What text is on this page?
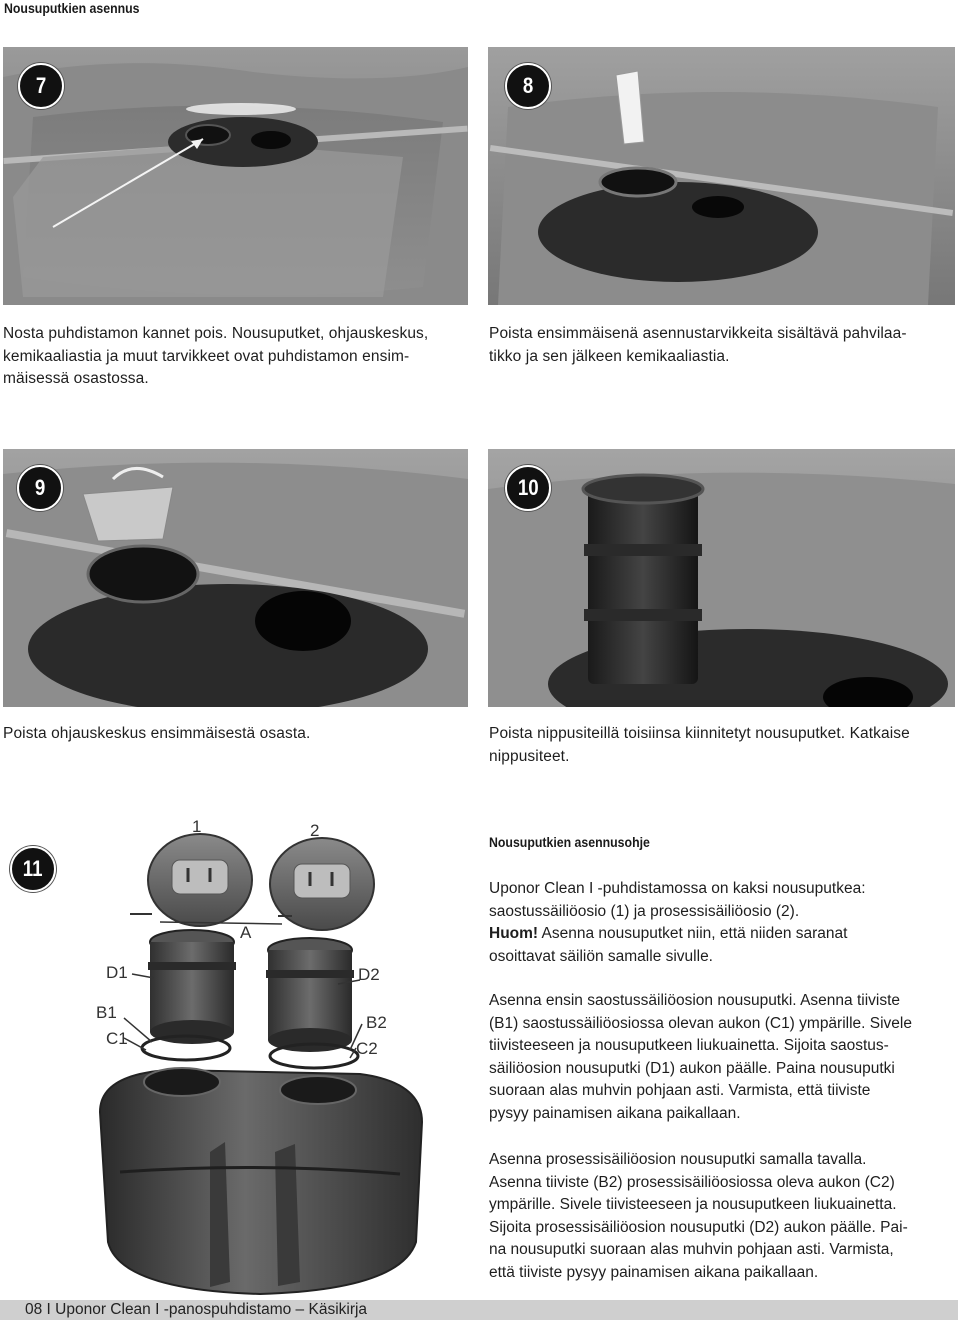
Nousuputkien asennus
7	8
Nosta puhdistamon kannet pois. Nousuputket, ohjauskeskus,
kemikaaliastia ja muut tarvikkeet ovat puhdistamon ensim-
mäisessä osastossa.
Poista ensimmäisenä asennustarvikkeita sisältävä pahvilaa-
tikko ja sen jälkeen kemikaaliastia.
9	10
Poista ohjauskeskus ensimmäisestä osasta.	Poista nippusiteillä toisiinsa kiinnitetyt nousuputket. Katkaise
nippusiteet.
11
1	2
A
D1	D2
B1
B2
C1
C2
Nousuputkien asennusohje
Uponor Clean I -puhdistamossa on kaksi nousuputkea:
saostussäiliöosio (1) ja prosessisäiliöosio (2).
Huom! Asenna nousuputket niin, että niiden saranat
osoittavat säiliön samalle sivulle.
Asenna ensin saostussäiliöosion nousuputki. Asenna tiiviste
(B1) saostussäiliöosiossa olevan aukon (C1) ympärille. Sivele
tiivisteeseen ja nousuputkeen liukuainetta. Sijoita saostus-
säiliöosion nousuputki (D1) aukon päälle. Paina nousuputki
suoraan alas muhvin pohjaan asti. Varmista, että tiiviste
pysyy painamisen aikana paikallaan.
Asenna prosessisäiliöosion nousuputki samalla tavalla.
Asenna tiiviste (B2) prosessisäiliöosiossa oleva aukon (C2)
ympärille. Sivele tiivisteeseen ja nousuputkeen liukuainetta.
Sijoita prosessisäiliöosion nousuputki (D2) aukon päälle. Pai-
na nousuputki suoraan alas muhvin pohjaan asti. Varmista,
että tiiviste pysyy painamisen aikana paikallaan.
08 I Uponor Clean I -panospuhdistamo – Käsikirja
